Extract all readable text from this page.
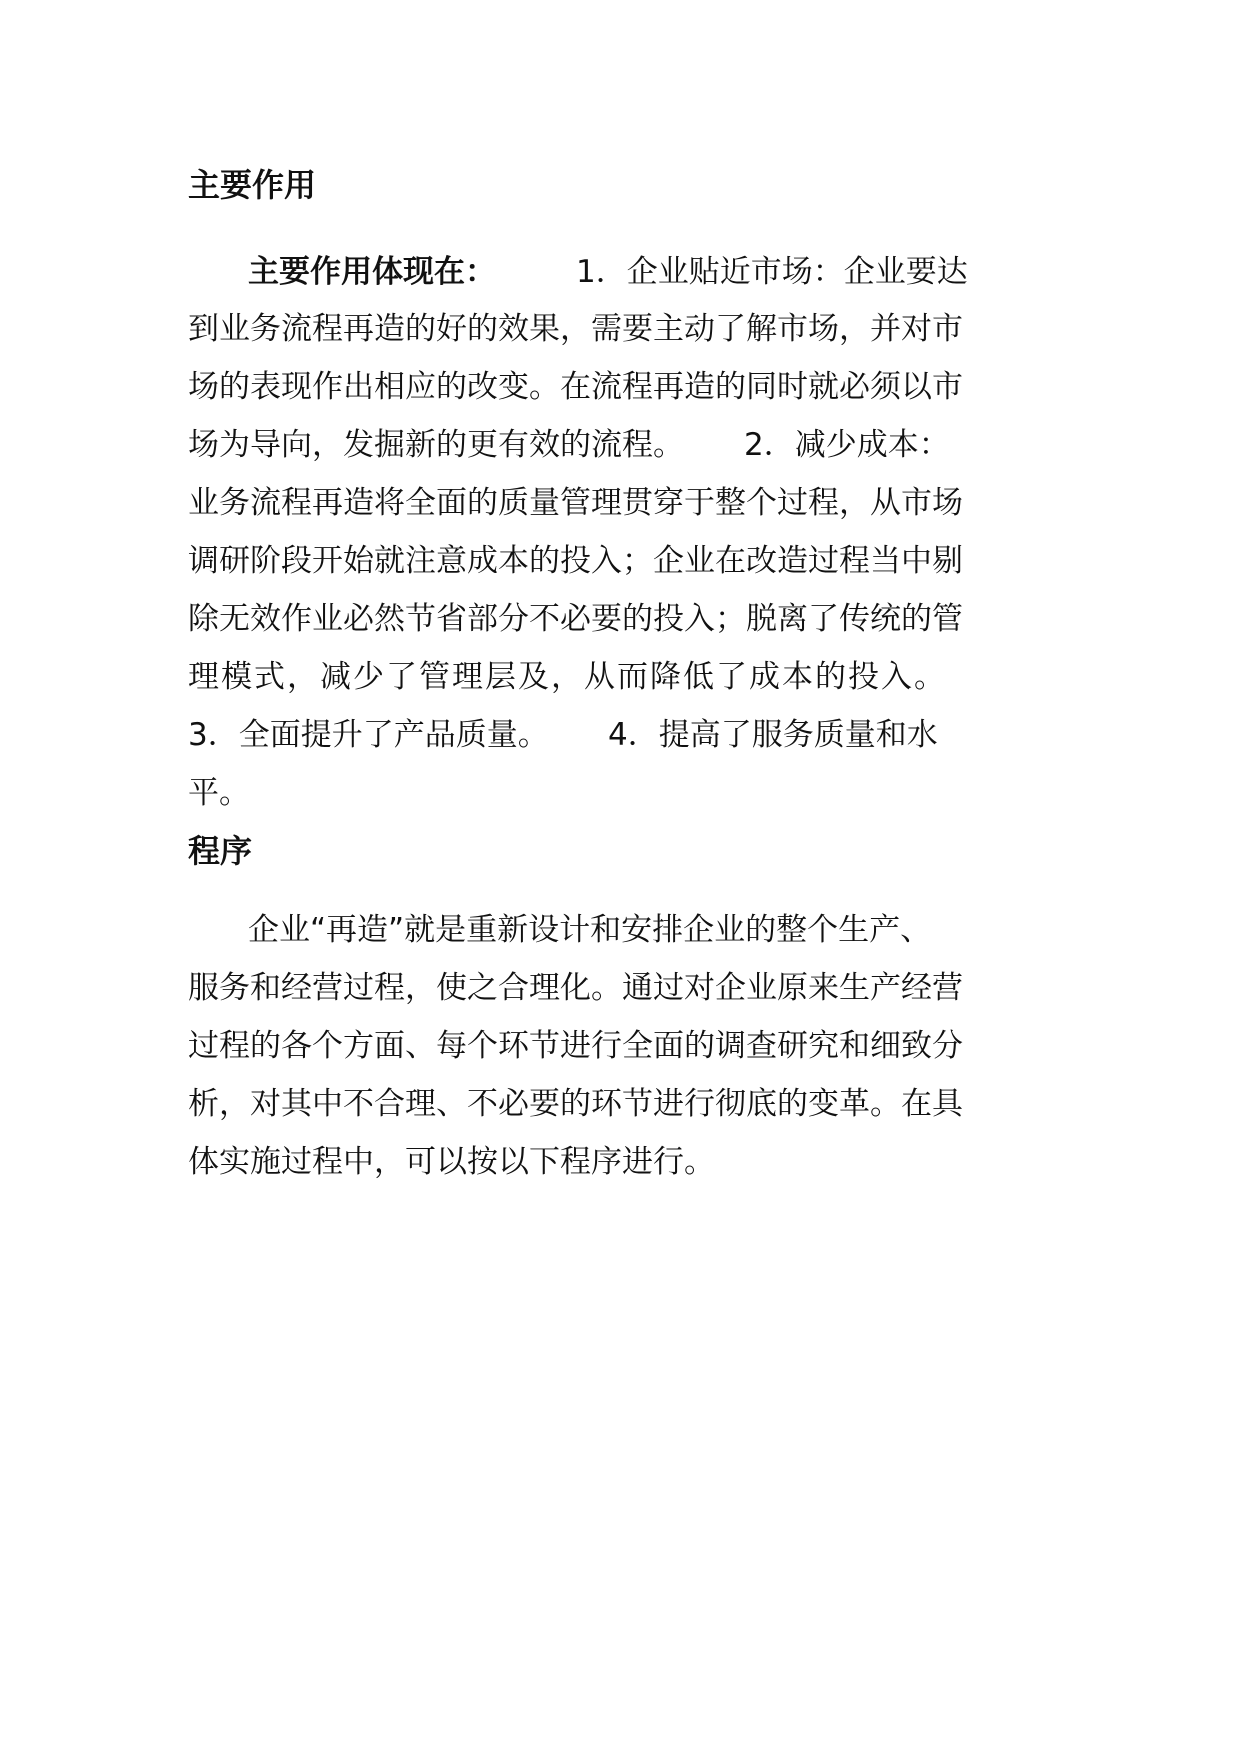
主要作用
主要作用体现在：	1．企业贴近市场：企业要达
到业务流程再造的好的效果，需要主动了解市场，并对市
场的表现作出相应的改变。在流程再造的同时就必须以市
场为导向，发掘新的更有效的流程。 2．减少成本：
业务流程再造将全面的质量管理贯穿于整个过程，从市场
调研阶段开始就注意成本的投入；企业在改造过程当中剔
除无效作业必然节省部分不必要的投入；脱离了传统的管
理模式，减少了管理层及，从而降低了成本的投入。
3．全面提升了产品质量。 4．提高了服务质量和水
平。
程序
企业“再造”就是重新设计和安排企业的整个生产、
服务和经营过程，使之合理化。通过对企业原来生产经营
过程的各个方面、每个环节进行全面的调查研究和细致分
析，对其中不合理、不必要的环节进行彻底的变革。在具
体实施过程中，可以按以下程序进行。
